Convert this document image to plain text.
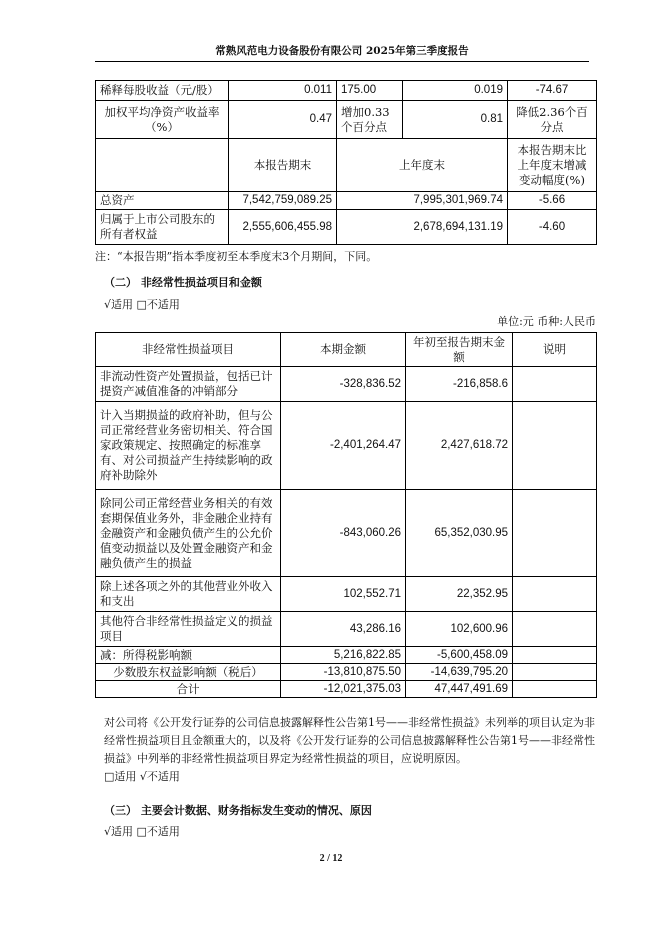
常熟风范电力设备股份有限公司 2025年第三季度报告
稀释每股收益（元/股）	0.011	175.00	0.019	-74.67
加权平均净资产收益率（%）	0.47	增加0.33个百分点	0.81	降低2.36个百分点
	本报告期末	上年度末		本报告期末比上年度末增减变动幅度(%)
总资产	7,542,759,089.25	7,995,301,969.74		-5.66
归属于上市公司股东的所有者权益	2,555,606,455.98	2,678,694,131.19		-4.60
注：“本报告期”指本季度初至本季度末3个月期间，下同。
（二） 非经常性损益项目和金额
√适用 □不适用
单位:元 币种:人民币
非经常性损益项目	本期金额	年初至报告期末金额	说明
非流动性资产处置损益，包括已计提资产减值准备的冲销部分	-328,836.52	-216,858.6	
计入当期损益的政府补助，但与公司正常经营业务密切相关、符合国家政策规定、按照确定的标准享有、对公司损益产生持续影响的政府补助除外	-2,401,264.47	2,427,618.72	
除同公司正常经营业务相关的有效套期保值业务外，非金融企业持有金融资产和金融负债产生的公允价值变动损益以及处置金融资产和金融负债产生的损益	-843,060.26	65,352,030.95	
除上述各项之外的其他营业外收入和支出	102,552.71	22,352.95	
其他符合非经常性损益定义的损益项目	43,286.16	102,600.96	
减：所得税影响额	5,216,822.85	-5,600,458.09	
少数股东权益影响额（税后）	-13,810,875.50	-14,639,795.20	
合计	-12,021,375.03	47,447,491.69	
对公司将《公开发行证券的公司信息披露解释性公告第1号——非经常性损益》未列举的项目认定为非经常性损益项目且金额重大的，以及将《公开发行证券的公司信息披露解释性公告第1号——非经常性损益》中列举的非经常性损益项目界定为经常性损益的项目，应说明原因。
□适用 √不适用
（三） 主要会计数据、财务指标发生变动的情况、原因
√适用 □不适用
2 / 12
